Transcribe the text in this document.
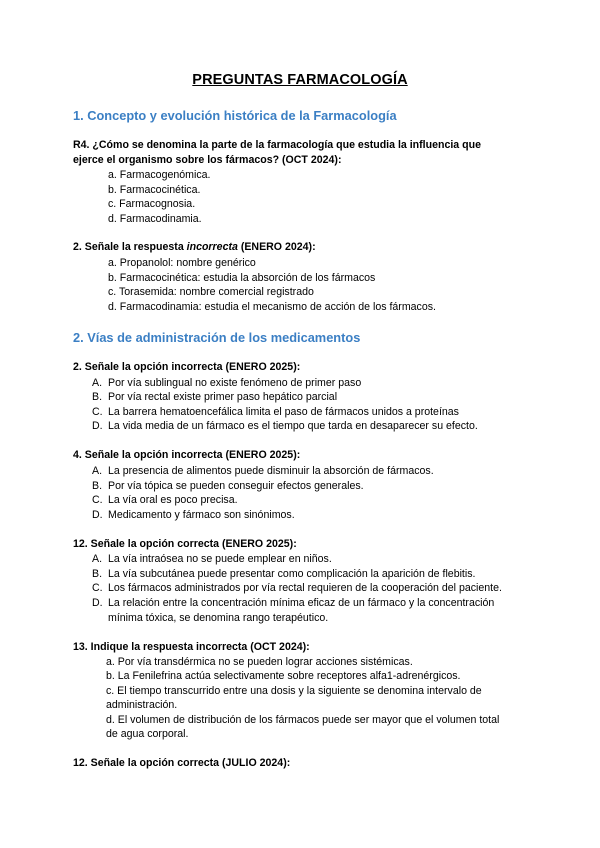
PREGUNTAS FARMACOLOGÍA
1. Concepto y evolución histórica de la Farmacología
R4. ¿Cómo se denomina la parte de la farmacología que estudia la influencia que
ejerce el organismo sobre los fármacos? (OCT 2024):
a. Farmacogenómica.
b. Farmacocinética.
c. Farmacognosia.
d. Farmacodinamia.
2. Señale la respuesta incorrecta (ENERO 2024):
a. Propanolol: nombre genérico
b. Farmacocinética: estudia la absorción de los fármacos
c. Torasemida: nombre comercial registrado
d. Farmacodinamia: estudia el mecanismo de acción de los fármacos.
2. Vías de administración de los medicamentos
2. Señale la opción incorrecta (ENERO 2025):
A. Por vía sublingual no existe fenómeno de primer paso
B. Por vía rectal existe primer paso hepático parcial
C. La barrera hematoencefálica limita el paso de fármacos unidos a proteínas
D. La vida media de un fármaco es el tiempo que tarda en desaparecer su efecto.
4. Señale la opción incorrecta (ENERO 2025):
A. La presencia de alimentos puede disminuir la absorción de fármacos.
B. Por vía tópica se pueden conseguir efectos generales.
C. La vía oral es poco precisa.
D. Medicamento y fármaco son sinónimos.
12. Señale la opción correcta (ENERO 2025):
A. La vía intraósea no se puede emplear en niños.
B. La vía subcutánea puede presentar como complicación la aparición de flebitis.
C. Los fármacos administrados por vía rectal requieren de la cooperación del paciente.
D. La relación entre la concentración mínima eficaz de un fármaco y la concentración
mínima tóxica, se denomina rango terapéutico.
13. Indique la respuesta incorrecta (OCT 2024):
a. Por vía transdérmica no se pueden lograr acciones sistémicas.
b. La Fenilefrina actúa selectivamente sobre receptores alfa1-adrenérgicos.
c. El tiempo transcurrido entre una dosis y la siguiente se denomina intervalo de
administración.
d. El volumen de distribución de los fármacos puede ser mayor que el volumen total
de agua corporal.
12. Señale la opción correcta (JULIO 2024):
